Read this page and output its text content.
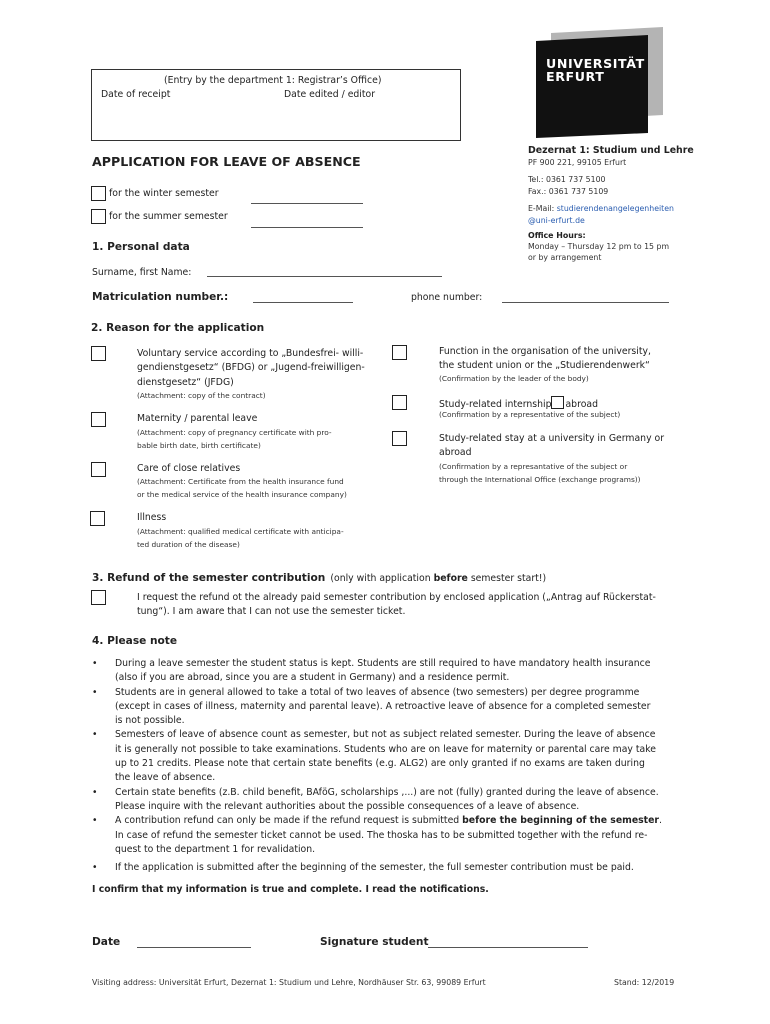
(Entry by the department 1: Registrar’s Office)
Date of receipt	Date edited / editor
UNIVERSITÄT
ERFURT
Dezernat 1: Studium und Lehre
PF 900 221, 99105 Erfurt
Tel.: 0361 737 5100
Fax.: 0361 737 5109
E-Mail: studierendenangelegenheiten
@uni-erfurt.de
Office Hours:
Monday – Thursday 12 pm to 15 pm
or by arrangement
APPLICATION FOR LEAVE OF ABSENCE
for the winter semester
for the summer semester
1. Personal data
Surname, first Name:
Matriculation number.:	phone number:
2. Reason for the application
Voluntary service according to „Bundesfrei- willi-
gendienstgesetz“ (BFDG) or „Jugend-freiwilligen-
dienstgesetz“ (JFDG)
(Attachment: copy of the contract)
Maternity / parental leave
(Attachment: copy of pregnancy certificate with pro-
bable birth date, birth certificate)
Care of close relatives
(Attachment: Certificate from the health insurance fund
or the medical service of the health insurance company)
Illness
(Attachment: qualified medical certificate with anticipa-
ted duration of the disease)
Function in the organisation of the university,
the student union or the „Studierendenwerk“
(Confirmation by the leader of the body)
Study-related internship abroad
(Confirmation by a representative of the subject)
Study-related stay at a university in Germany or
abroad
(Confirmation by a represantative of the subject or
through the International Office (exchange programs))
3. Refund of the semester contribution (only with application before semester start!)
I request the refund ot the already paid semester contribution by enclosed application („Antrag auf Rückerstat-
tung“). I am aware that I can not use the semester ticket.
4. Please note
• During a leave semester the student status is kept. Students are still required to have mandatory health insurance
(also if you are abroad, since you are a student in Germany) and a residence permit.
• Students are in general allowed to take a total of two leaves of absence (two semesters) per degree programme
(except in cases of illness, maternity and parental leave). A retroactive leave of absence for a completed semester
is not possible.
• Semesters of leave of absence count as semester, but not as subject related semester. During the leave of absence
it is generally not possible to take examinations. Students who are on leave for maternity or parental care may take
up to 21 credits. Please note that certain state benefits (e.g. ALG2) are only granted if no exams are taken during
the leave of absence.
• Certain state benefits (z.B. child benefit, BAföG, scholarships ,...) are not (fully) granted during the leave of absence.
Please inquire with the relevant authorities about the possible consequences of a leave of absence.
• A contribution refund can only be made if the refund request is submitted before the beginning of the semester.
In case of refund the semester ticket cannot be used. The thoska has to be submitted together with the refund re-
quest to the department 1 for revalidation.
• If the application is submitted after the beginning of the semester, the full semester contribution must be paid.
I confirm that my information is true and complete. I read the notifications.
Date	Signature student
Visiting address: Universität Erfurt, Dezernat 1: Studium und Lehre, Nordhäuser Str. 63, 99089 Erfurt	Stand: 12/2019
